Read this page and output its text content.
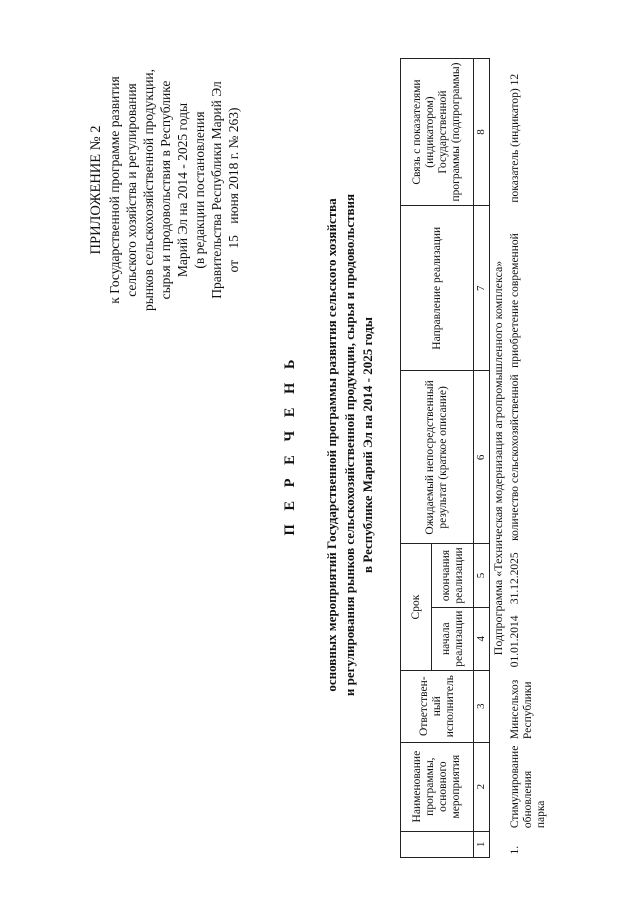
ПРИЛОЖЕНИЕ № 2 к Государственной программе развития сельского хозяйства и регулирования рынков сельскохозяйственной продукции, сырья и продовольствия в Республике Марий Эл на 2014 - 2025 годы (в редакции постановления Правительства Республики Марий Эл от 15 июня 2018 г. № 263)
П Е Р Е Ч Е Н Ь основных мероприятий Государственной программы развития сельского хозяйства и регулирования рынков сельскохозяйственной продукции, сырья и продовольствия в Республике Марий Эл на 2014 - 2025 годы
	Наименование программы, основного мероприятия	Ответствен-ный исполнитель	Срок		Ожидаемый непосредственный результат (краткое описание)	Направление реализации	Связь с показателями (индикатором) Государственной программы (подпрограммы)
			начала реализации	окончания реализации			
1	2	3	4	5	6	7	8
Подпрограмма «Техническая модернизация агропромышленного комплекса»							
1.	Стимулирование обновления парка	Минсельхоз Республики	01.01.2014	31.12.2025	количество сельскохозяйственной	приобретение современной	показатель (индикатор) 12
